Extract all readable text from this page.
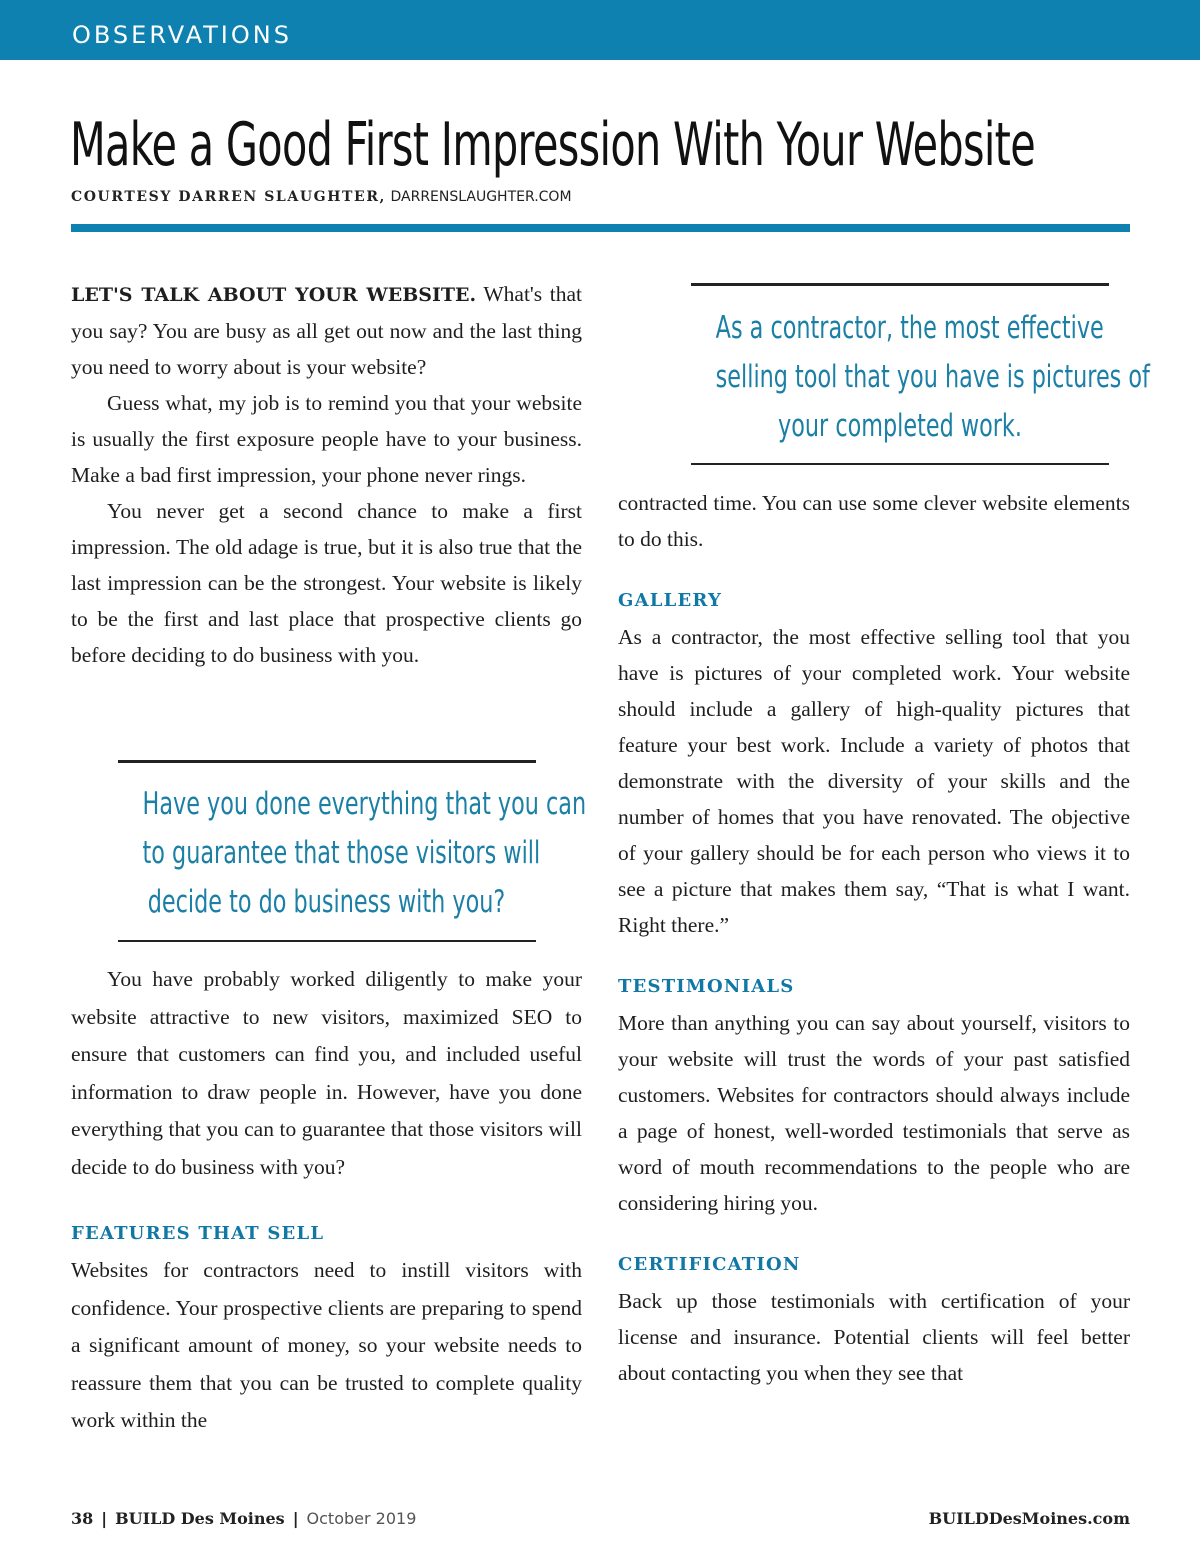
OBSERVATIONS
Make a Good First Impression With Your Website
COURTESY DARREN SLAUGHTER, DARRENSLAUGHTER.COM

LET'S TALK ABOUT YOUR WEBSITE. What's that you say? You are busy as all get out now and the last thing you need to worry about is your website?

Guess what, my job is to remind you that your website is usually the first exposure people have to your business. Make a bad first impression, your phone never rings.

You never get a second chance to make a first impression. The old adage is true, but it is also true that the last impression can be the strongest. Your website is likely to be the first and last place that prospective clients go before deciding to do business with you.

Have you done everything that you can
to guarantee that those visitors will
decide to do business with you?

You have probably worked diligently to make your website attractive to new visitors, maximized SEO to ensure that customers can find you, and included useful information to draw people in. However, have you done everything that you can to guarantee that those visitors will decide to do business with you?

FEATURES THAT SELL

Websites for contractors need to instill visitors with confidence. Your prospective clients are preparing to spend a significant amount of money, so your website needs to reassure them that you can be trusted to complete quality work within the

As a contractor, the most effective
selling tool that you have is pictures of
your completed work.

contracted time. You can use some clever website elements to do this.

GALLERY

As a contractor, the most effective selling tool that you have is pictures of your completed work. Your website should include a gallery of high-quality pictures that feature your best work. Include a variety of photos that demonstrate with the diversity of your skills and the number of homes that you have renovated. The objective of your gallery should be for each person who views it to see a picture that makes them say, “That is what I want. Right there.”

TESTIMONIALS

More than anything you can say about yourself, visitors to your website will trust the words of your past satisfied customers. Websites for contractors should always include a page of honest, well-worded testimonials that serve as word of mouth recommendations to the people who are considering hiring you.

CERTIFICATION

Back up those testimonials with certification of your license and insurance. Potential clients will feel better about contacting you when they see that

38 | BUILD Des Moines | October 2019	BUILDDesMoines.com
